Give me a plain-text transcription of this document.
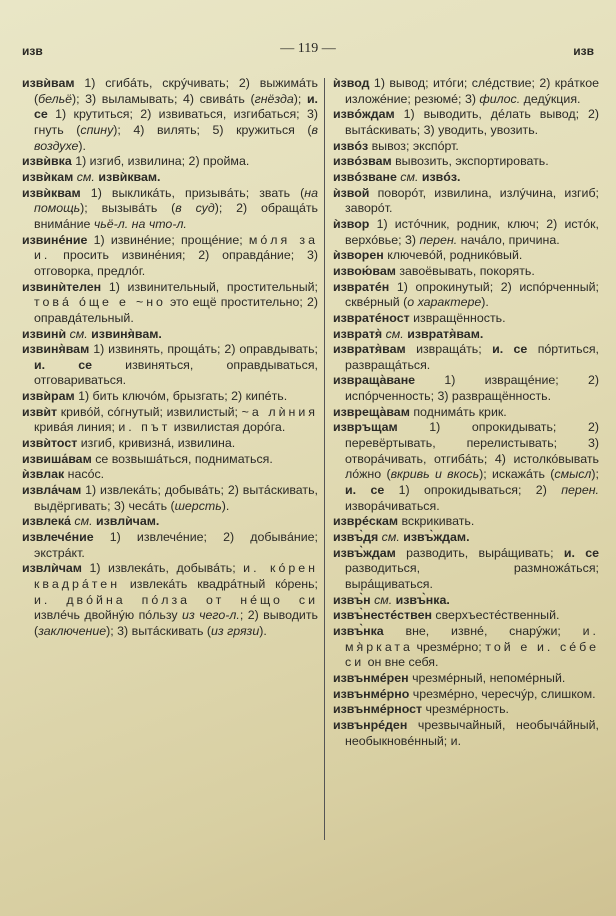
изв	— 119 —	изв
извѝвам 1) сгибáть, скрýчивать; 2) выжимáть (бельё); 3) выламывать; 4) свивáть (гнёзда); и. се 1) крутиться; 2) извиваться, изгибаться; 3) гнуть (спину); 4) вилять; 5) кружиться (в воздухе).
извѝвка 1) изгиб, извилина; 2) пройма.
извѝкам см. извѝквам.
извѝквам 1) выкликáть, призывáть; звать (на помощь); вызывáть (в суд); 2) обращáть внимáние чьё-л. на что-л.
извинéние 1) извинéние; прощéние; мóля за и. просить извинéния; 2) оправдáние; 3) отговорка, предлóг.
извинѝтелен 1) извинительный, простительный; товá óще е ~но это ещё простительно; 2) оправдáтельный.
извинѝ см. извиня̀вам.
извиня̀вам 1) извинять, прощáть; 2) оправдывать; и. се извиняться, оправдываться, отговариваться.
извѝрам 1) бить ключóм, брызгать; 2) кипéть.
извѝт кривóй, сóгнутый; извилистый; ~а лѝния кривáя линия; и. път извилистая дорóга.
извѝтост изгиб, кривизнá, извилина.
извиша́вам се возвышáться, подниматься.
ѝзвлак насóс.
извла́чам 1) извлекáть; добывáть; 2) вытáскивать, выдёргивать; 3) чесáть (шерсть).
извлека́ см. извлѝчам.
извлечéние 1) извлечéние; 2) добывáние; экстрáкт.
извлѝчам 1) извлекáть, добывáть; и. кóрен квадрáтен извлекáть квадрáтный кóрень; и. двóйна пóлза от нéщо си извлéчь двойнýю пóльзу из чего-л.; 2) выводить (заключение); 3) вытáскивать (из грязи).
ѝзвод 1) вывод; итóги; слéдствие; 2) крáткое изложéние; резюмé; 3) филос. дедýкция.
извóждам 1) выводить, дéлать вывод; 2) вытáскивать; 3) уводить, увозить.
извóз вывоз; экспóрт.
извóзвам вывозить, экспортировать.
извóзване см. извóз.
ѝзвой поворóт, извилина, излýчина, изгиб; заворóт.
ѝзвор 1) истóчник, родник, ключ; 2) истóк, верхóвье; 3) перен. начáло, причина.
ѝзворен ключевóй, родникóвый.
извою́вам завоёвывать, покорять.
извратéн 1) опрокинутый; 2) испóрченный; сквéрный (о характере).
извратéност извращённость.
извратя̀ см. извратя̀вам.
извратя̀вам извращáть; и. се пóртиться, развращáться.
извраща̀ване 1) извращéние; 2) испóрченность; 3) развращённость.
извреща̀вам поднимáть крик.
извръщам	1) опрокидывать; 2) перевёртывать, перелистывать; 3) отворáчивать, отгибáть; 4) истолкóвывать лóжно (вкривь и вкось); искажáть (смысл); и. се 1) опрокидываться; 2) перен. изворáчиваться.
изврéскам вскрикивать.
извъ̀дя см. извъ̀ждам.
извъ̀ждам разводить, вырáщивать; и. се разводиться, размножáться; вырáщиваться.
извъ̀н см. извъ̀нка.
извъ̀нестéствен сверхъестéственный.
извъ̀нка вне, извнé, снарýжи; и. мя̀рката чрезмéрно; той е и. сéбе си он вне себя.
извънмéрен чрезмéрный, непомéрный.
извънмéрно чрезмéрно, чересчýр, слишком.
извънмéрност чрезмéрность.
извънрéден чрезвычайный, необычáйный, необыкновéнный; и.
